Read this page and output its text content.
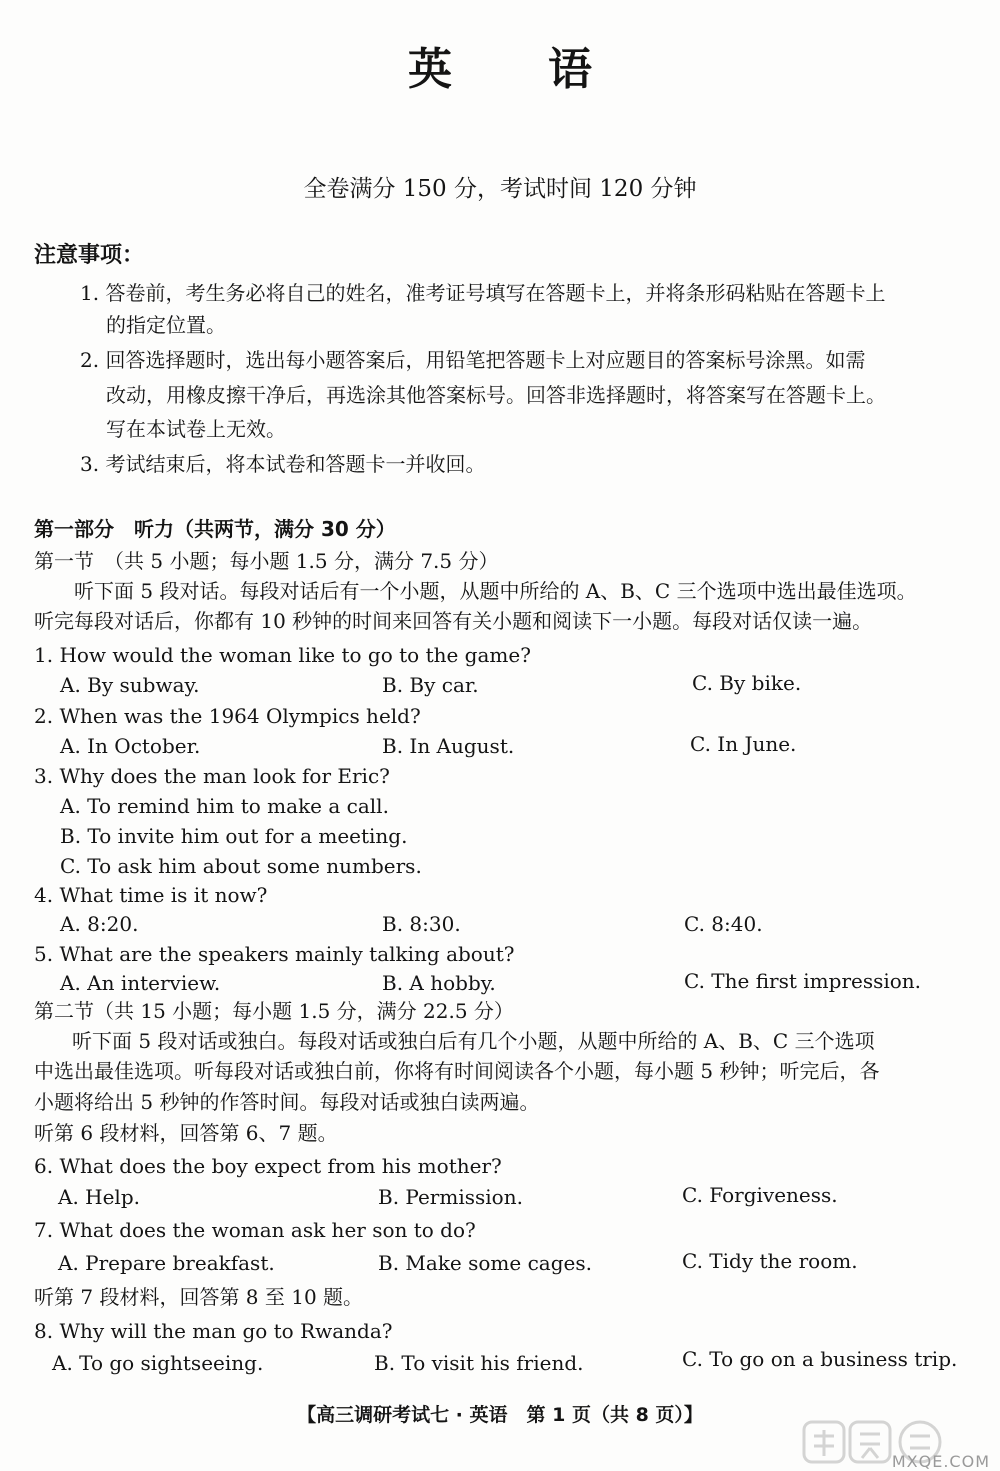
英语
全卷满分 150 分，考试时间 120 分钟
注意事项：
1. 答卷前，考生务必将自己的姓名，准考证号填写在答题卡上，并将条形码粘贴在答题卡上
的指定位置。
2. 回答选择题时，选出每小题答案后，用铅笔把答题卡上对应题目的答案标号涂黑。如需
改动，用橡皮擦干净后，再选涂其他答案标号。回答非选择题时，将答案写在答题卡上。
写在本试卷上无效。
3. 考试结束后，将本试卷和答题卡一并收回。
第一部分　听力（共两节，满分 30 分）
第一节　（共 5 小题；每小题 1.5 分，满分 7.5 分）
听下面 5 段对话。每段对话后有一个小题，从题中所给的 A、B、C 三个选项中选出最佳选项。
听完每段对话后，你都有 10 秒钟的时间来回答有关小题和阅读下一小题。每段对话仅读一遍。
1. How would the woman like to go to the game?
A. By subway.	B. By car.	C. By bike.
2. When was the 1964 Olympics held?
A. In October.	B. In August.	C. In June.
3. Why does the man look for Eric?
A. To remind him to make a call.
B. To invite him out for a meeting.
C. To ask him about some numbers.
4. What time is it now?
A. 8:20.	B. 8:30.	C. 8:40.
5. What are the speakers mainly talking about?
A. An interview.	B. A hobby.	C. The first impression.
第二节（共 15 小题；每小题 1.5 分，满分 22.5 分）
听下面 5 段对话或独白。每段对话或独白后有几个小题，从题中所给的 A、B、C 三个选项
中选出最佳选项。听每段对话或独白前，你将有时间阅读各个小题，每小题 5 秒钟；听完后，各
小题将给出 5 秒钟的作答时间。每段对话或独白读两遍。
听第 6 段材料，回答第 6、7 题。
6. What does the boy expect from his mother?
A. Help.	B. Permission.	C. Forgiveness.
7. What does the woman ask her son to do?
A. Prepare breakfast.	B. Make some cages.	C. Tidy the room.
听第 7 段材料，回答第 8 至 10 题。
8. Why will the man go to Rwanda?
A. To go sightseeing.	B. To visit his friend.	C. To go on a business trip.
【高三调研考试七 · 英语　第 1 页（共 8 页）】
MXQE.COM
